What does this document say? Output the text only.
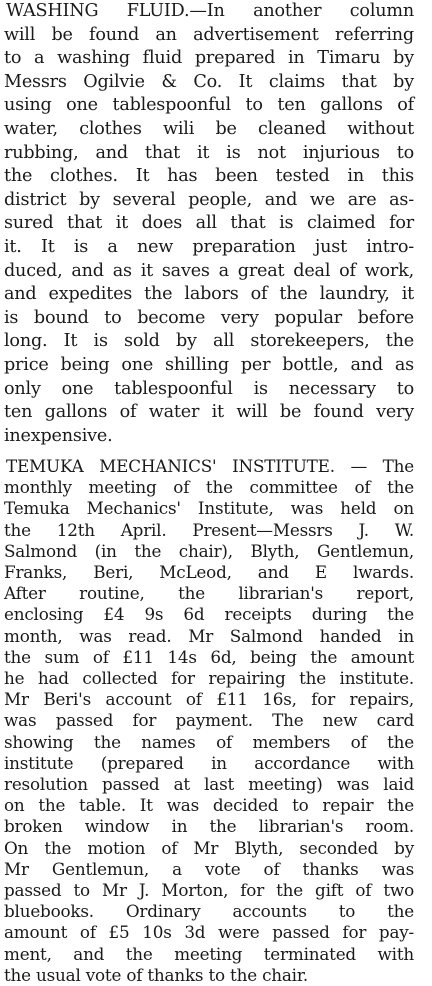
WASHING FLUID.—In another column
will be found an advertisement referring
to a washing fluid prepared in Timaru by
Messrs Ogilvie & Co. It claims that by
using one tablespoonful to ten gallons of
water, clothes wili be cleaned without
rubbing, and that it is not injurious to
the clothes. It has been tested in this
district by several people, and we are as-
sured that it does all that is claimed for
it. It is a new preparation just intro-
duced, and as it saves a great deal of work,
and expedites the labors of the laundry, it
is bound to become very popular before
long. It is sold by all storekeepers, the
price being one shilling per bottle, and as
only one tablespoonful is necessary to
ten gallons of water it will be found very
inexpensive.
TEMUKA MECHANICS' INSTITUTE. — The
monthly meeting of the committee of the
Temuka Mechanics' Institute, was held on
the 12th April. Present—Messrs J. W.
Salmond (in the chair), Blyth, Gentlemun,
Franks, Beri, McLeod, and E lwards.
After routine, the librarian's report,
enclosing £4 9s 6d receipts during the
month, was read. Mr Salmond handed in
the sum of £11 14s 6d, being the amount
he had collected for repairing the institute.
Mr Beri's account of £11 16s, for repairs,
was passed for payment. The new card
showing the names of members of the
institute (prepared in accordance with
resolution passed at last meeting) was laid
on the table. It was decided to repair the
broken window in the librarian's room.
On the motion of Mr Blyth, seconded by
Mr Gentlemun, a vote of thanks was
passed to Mr J. Morton, for the gift of two
bluebooks. Ordinary accounts to the
amount of £5 10s 3d were passed for pay-
ment, and the meeting terminated with
the usual vote of thanks to the chair.
